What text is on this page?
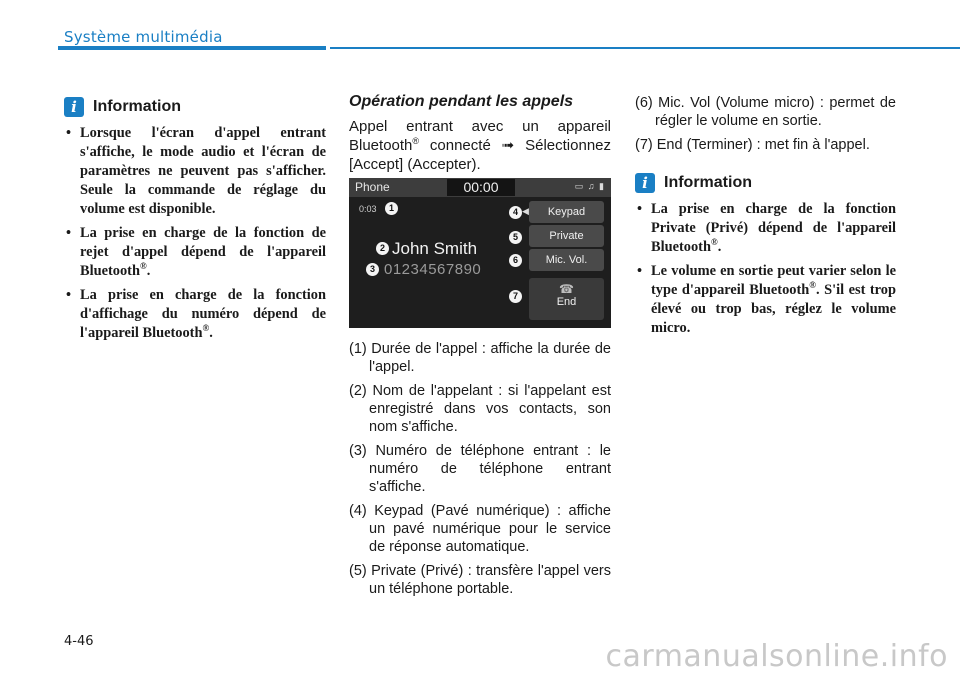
Système multimédia
i	Information
• Lorsque l'écran d'appel entrant s'affiche, le mode audio et l'écran de paramètres ne peuvent pas s'afficher. Seule la commande de réglage du volume est disponible.
• La prise en charge de la fonction de rejet d'appel dépend de l'appareil Bluetooth®.
• La prise en charge de la fonction d'affichage du numéro dépend de l'appareil Bluetooth®.
Opération pendant les appels
Appel entrant avec un appareil Bluetooth® connecté ➟ Sélectionnez [Accept] (Accepter).
Phone	00:00	▭ ♫ ▮
0:03
John Smith
01234567890
◀	Keypad
Private
Mic. Vol.
☎
End
1
2
3
4
5
6
7
(1) Durée de l'appel : affiche la durée de l'appel.
(2) Nom de l'appelant : si l'appelant est enregistré dans vos contacts, son nom s'affiche.
(3) Numéro de téléphone entrant : le numéro de téléphone entrant s'affiche.
(4) Keypad (Pavé numérique) : affiche un pavé numérique pour le service de réponse automatique.
(5) Private (Privé) : transfère l'appel vers un téléphone portable.
(6) Mic. Vol (Volume micro) : permet de régler le volume en sortie.
(7) End (Terminer) : met fin à l'appel.
i	Information
• La prise en charge de la fonction Private (Privé) dépend de l'appareil Bluetooth®.
• Le volume en sortie peut varier selon le type d'appareil Bluetooth®. S'il est trop élevé ou trop bas, réglez le volume micro.
4-46	carmanualsonline.info
